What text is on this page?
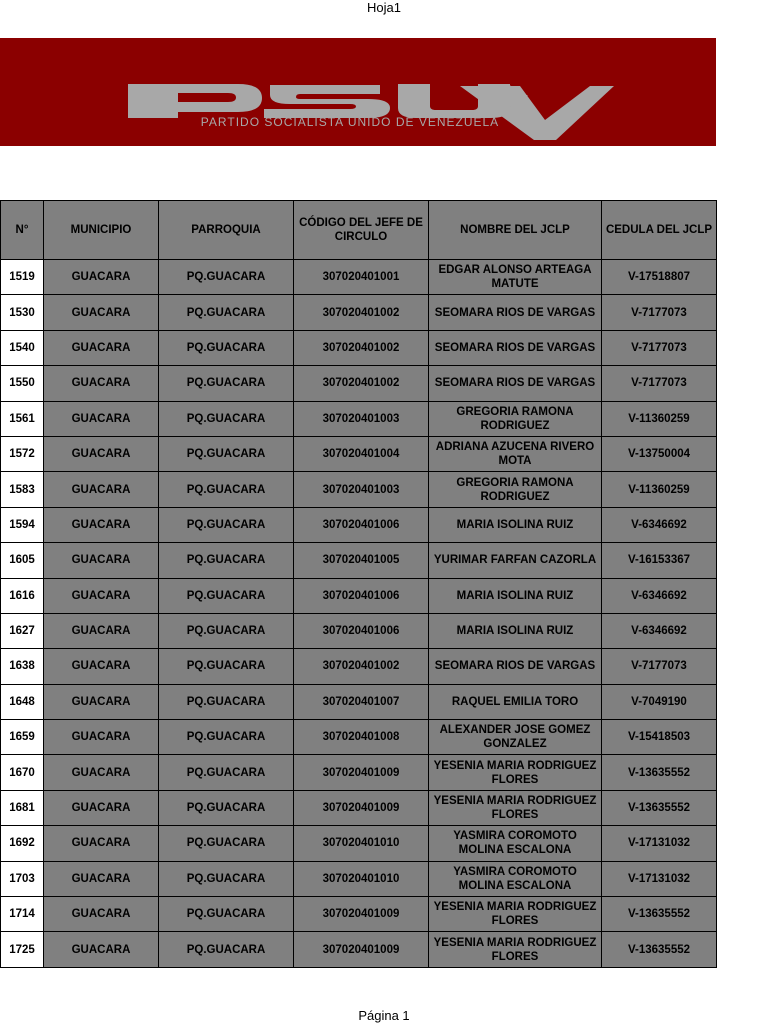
Hoja1
PSUV
PARTIDO SOCIALISTA UNIDO DE VENEZUELA
N°	MUNICIPIO	PARROQUIA	CÓDIGO DEL JEFE DE CIRCULO	NOMBRE DEL JCLP	CEDULA DEL JCLP
1519	GUACARA	PQ.GUACARA	307020401001	EDGAR ALONSO ARTEAGA MATUTE	V-17518807
1530	GUACARA	PQ.GUACARA	307020401002	SEOMARA RIOS DE VARGAS	V-7177073
1540	GUACARA	PQ.GUACARA	307020401002	SEOMARA RIOS DE VARGAS	V-7177073
1550	GUACARA	PQ.GUACARA	307020401002	SEOMARA RIOS DE VARGAS	V-7177073
1561	GUACARA	PQ.GUACARA	307020401003	GREGORIA RAMONA RODRIGUEZ	V-11360259
1572	GUACARA	PQ.GUACARA	307020401004	ADRIANA AZUCENA RIVERO MOTA	V-13750004
1583	GUACARA	PQ.GUACARA	307020401003	GREGORIA RAMONA RODRIGUEZ	V-11360259
1594	GUACARA	PQ.GUACARA	307020401006	MARIA ISOLINA RUIZ	V-6346692
1605	GUACARA	PQ.GUACARA	307020401005	YURIMAR FARFAN CAZORLA	V-16153367
1616	GUACARA	PQ.GUACARA	307020401006	MARIA ISOLINA RUIZ	V-6346692
1627	GUACARA	PQ.GUACARA	307020401006	MARIA ISOLINA RUIZ	V-6346692
1638	GUACARA	PQ.GUACARA	307020401002	SEOMARA RIOS DE VARGAS	V-7177073
1648	GUACARA	PQ.GUACARA	307020401007	RAQUEL EMILIA TORO	V-7049190
1659	GUACARA	PQ.GUACARA	307020401008	ALEXANDER JOSE GOMEZ GONZALEZ	V-15418503
1670	GUACARA	PQ.GUACARA	307020401009	YESENIA MARIA RODRIGUEZ FLORES	V-13635552
1681	GUACARA	PQ.GUACARA	307020401009	YESENIA MARIA RODRIGUEZ FLORES	V-13635552
1692	GUACARA	PQ.GUACARA	307020401010	YASMIRA COROMOTO MOLINA ESCALONA	V-17131032
1703	GUACARA	PQ.GUACARA	307020401010	YASMIRA COROMOTO MOLINA ESCALONA	V-17131032
1714	GUACARA	PQ.GUACARA	307020401009	YESENIA MARIA RODRIGUEZ FLORES	V-13635552
1725	GUACARA	PQ.GUACARA	307020401009	YESENIA MARIA RODRIGUEZ FLORES	V-13635552
Página 1
